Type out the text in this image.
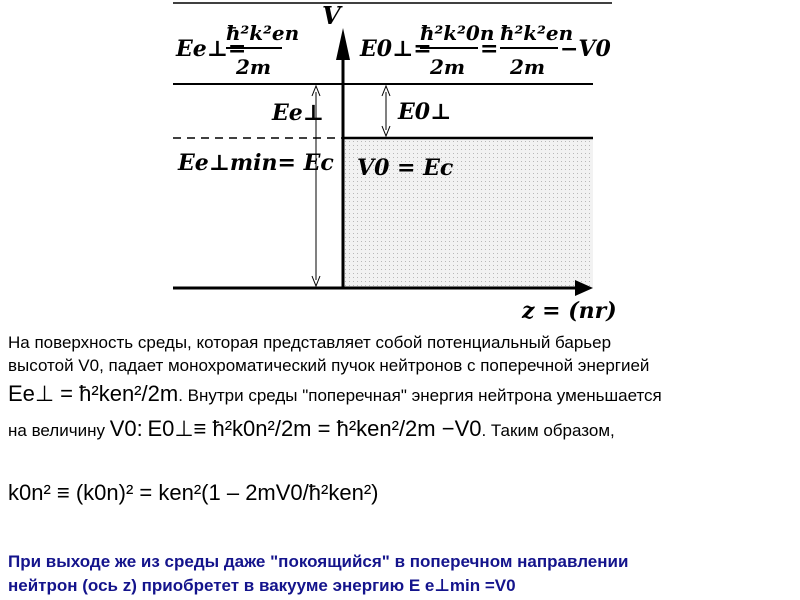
V
Ee⊥=
ħ²k²en
2m
E0⊥=
ħ²k²0n
2m
=
ħ²k²en
2m
−V0
Ee⊥	E0⊥
Ee⊥min= Ec V0 = Ec
z = (nr)
На поверхность среды, которая представляет собой потенциальный барьер
высотой V0, падает монохроматический пучок нейтронов с поперечной энергией
Ee⊥ = ħ²ken²/2m. Внутри среды "поперечная" энергия нейтрона уменьшается
на величину V0: E0⊥≡ ħ²k0n²/2m = ħ²ken²/2m −V0. Таким образом,
k0n² ≡ (k0n)² = ken²(1 – 2mV0/ħ²ken²)
При выходе же из среды даже "покоящийся" в поперечном направлении
нейтрон (ось z) приобретет в вакууме энергию E e⊥min =V0
